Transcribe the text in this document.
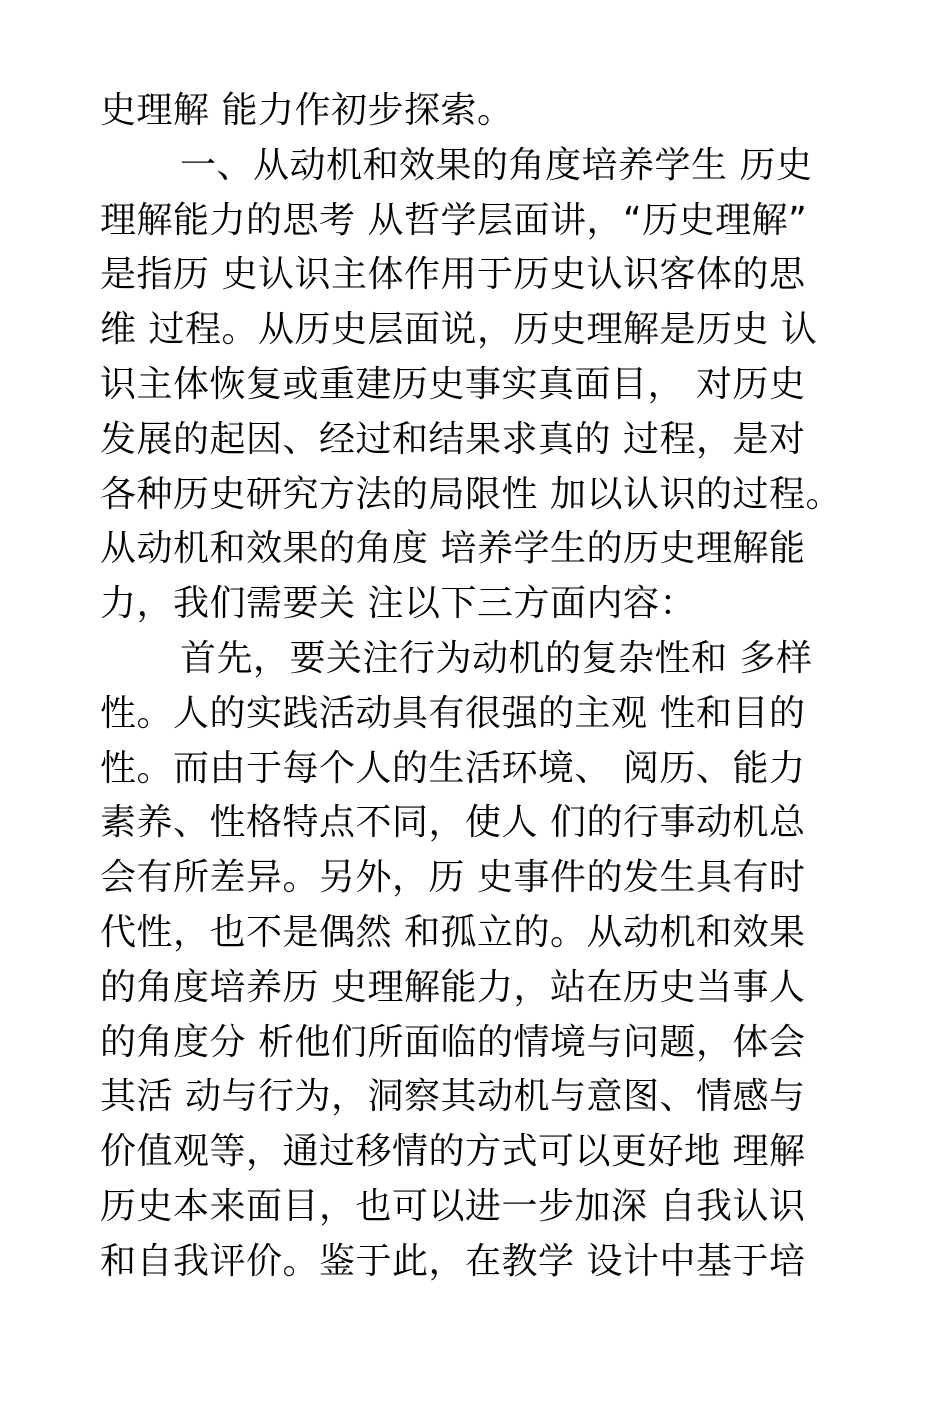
史理解 能力作初步探索。
一、从动机和效果的角度培养学生 历史
理解能力的思考 从哲学层面讲，“历史理解”
是指历 史认识主体作用于历史认识客体的思
维 过程。从历史层面说，历史理解是历史 认
识主体恢复或重建历史事实真面目， 对历史
发展的起因、经过和结果求真的 过程，是对
各种历史研究方法的局限性 加以认识的过程。
从动机和效果的角度 培养学生的历史理解能
力，我们需要关 注以下三方面内容：
首先，要关注行为动机的复杂性和 多样
性。人的实践活动具有很强的主观 性和目的
性。而由于每个人的生活环境、 阅历、能力
素养、性格特点不同，使人 们的行事动机总
会有所差异。另外，历 史事件的发生具有时
代性，也不是偶然 和孤立的。从动机和效果
的角度培养历 史理解能力，站在历史当事人
的角度分 析他们所面临的情境与问题，体会
其活 动与行为，洞察其动机与意图、情感与
价值观等，通过移情的方式可以更好地 理解
历史本来面目，也可以进一步加深 自我认识
和自我评价。鉴于此，在教学 设计中基于培
